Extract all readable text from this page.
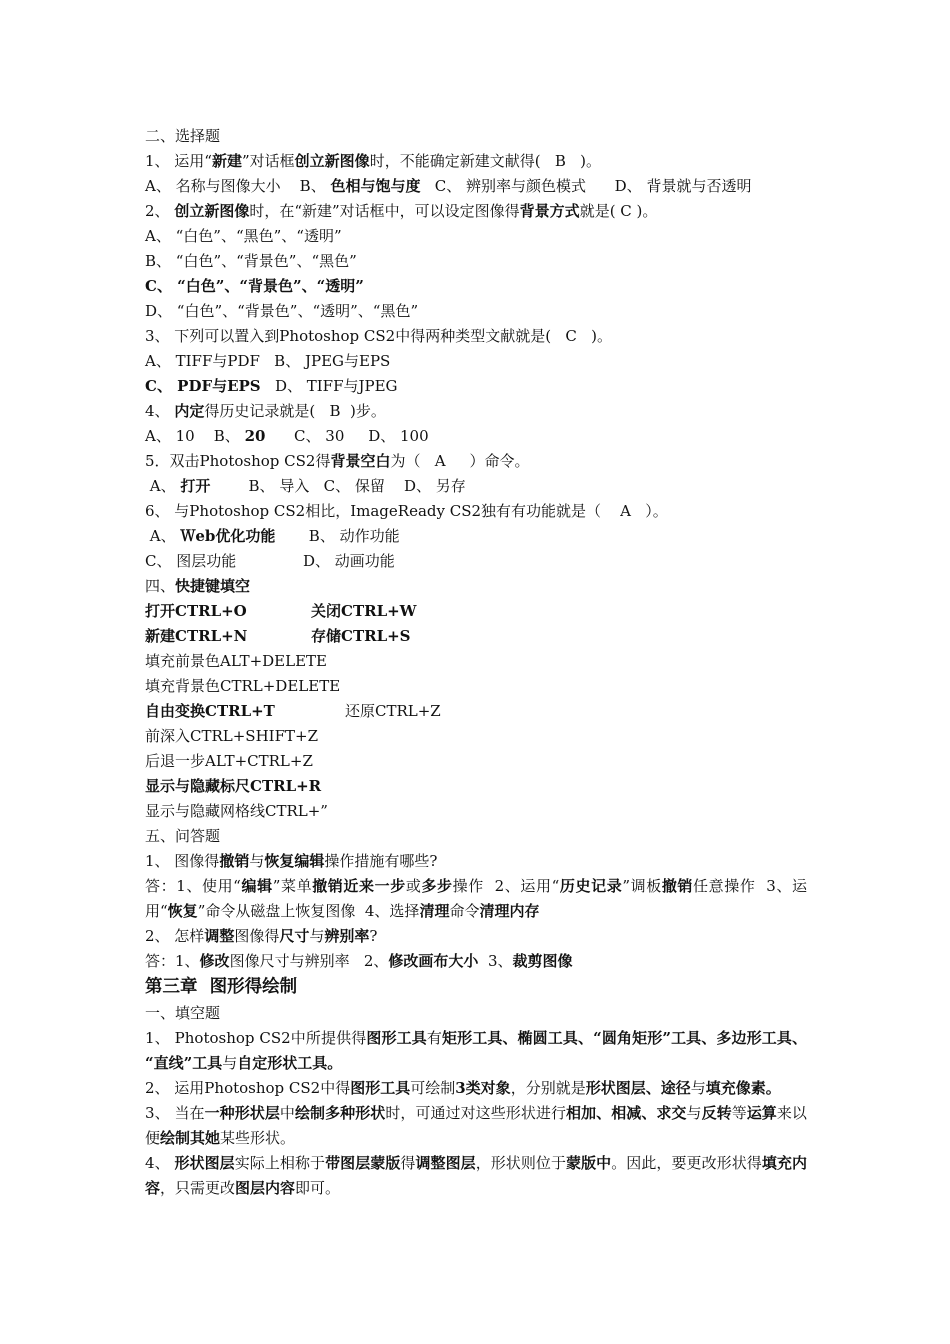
二、选择题
1、 运用“新建”对话框创立新图像时，不能确定新建文献得(   B   )。
A、 名称与图像大小    B、 色相与饱与度   C、 辨别率与颜色模式      D、 背景就与否透明
2、 创立新图像时，在“新建”对话框中，可以设定图像得背景方式就是( C )。
A、 “白色”、“黑色”、“透明”
B、 “白色”、“背景色”、“黑色”
C、 “白色”、“背景色”、“透明”
D、 “白色”、“背景色”、“透明”、“黑色”
3、 下列可以置入到Photoshop CS2中得两种类型文献就是(   C   )。
A、 TIFF与PDF   B、 JPEG与EPS
C、 PDF与EPS   D、 TIFF与JPEG
4、 内定得历史记录就是(   B  )步。
A、 10    B、 20      C、 30     D、 100
5．双击Photoshop CS2得背景空白为（   A     ）命令。
A、 打开        B、 导入   C、 保留    D、 另存
6、 与Photoshop CS2相比，ImageReady CS2独有有功能就是（    A   ）。
A、 Ｗeb优化功能       B、 动作功能
C、 图层功能              D、 动画功能
四、快捷键填空
打开CTRL+O	关闭CTRL+W
新建CTRL+N	存储CTRL+S
填充前景色ALT+DELETE
填充背景色CTRL+DELETE
自由变换CTRL+T	还原CTRL+Z
前深入CTRL+SHIFT+Z
后退一步ALT+CTRL+Z
显示与隐藏标尺CTRL+R
显示与隐藏网格线CTRL+”
五、问答题
1、 图像得撤销与恢复编辑操作措施有哪些?
答：1、使用“编辑”菜单撤销近来一步或多步操作  2、运用“历史记录”调板撤销任意操作  3、运用“恢复”命令从磁盘上恢复图像  4、选择清理命令清理内存
2、 怎样调整图像得尺寸与辨别率?
答：1、修改图像尺寸与辨别率   2、修改画布大小  3、裁剪图像
第三章  图形得绘制
一、填空题
1、 Photoshop CS2中所提供得图形工具有矩形工具、椭圆工具、“圆角矩形”工具、多边形工具、 “直线”工具与自定形状工具。
2、 运用Photoshop CS2中得图形工具可绘制3类对象，分别就是形状图层、途径与填充像素。
3、 当在一种形状层中绘制多种形状时，可通过对这些形状进行相加、相减、求交与反转等运算来以便绘制其她某些形状。
4、 形状图层实际上相称于带图层蒙版得调整图层，形状则位于蒙版中。因此，要更改形状得填充内容，只需更改图层内容即可。
